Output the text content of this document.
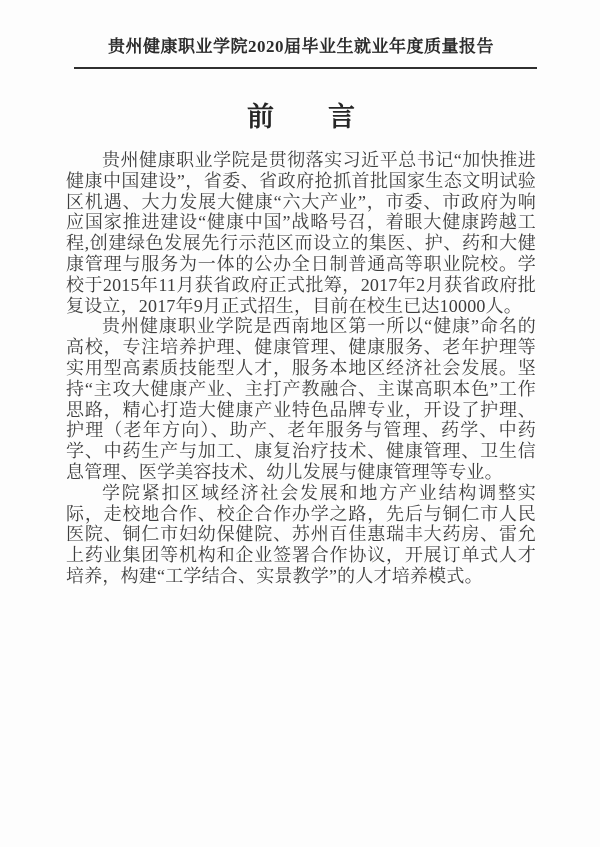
贵州健康职业学院2020届毕业生就业年度质量报告
前言

贵州健康职业学院是贯彻落实习近平总书记“加快推进健康中国建设”，省委、省政府抢抓首批国家生态文明试验区机遇、大力发展大健康“六大产业”，市委、市政府为响应国家推进建设“健康中国”战略号召，着眼大健康跨越工程,创建绿色发展先行示范区而设立的集医、护、药和大健康管理与服务为一体的公办全日制普通高等职业院校。学校于2015年11月获省政府正式批筹，2017年2月获省政府批复设立，2017年9月正式招生，目前在校生已达10000人。

贵州健康职业学院是西南地区第一所以“健康”命名的高校，专注培养护理、健康管理、健康服务、老年护理等实用型高素质技能型人才，服务本地区经济社会发展。坚持“主攻大健康产业、主打产教融合、主谋高职本色”工作思路，精心打造大健康产业特色品牌专业，开设了护理、护理（老年方向）、助产、老年服务与管理、药学、中药学、中药生产与加工、康复治疗技术、健康管理、卫生信息管理、医学美容技术、幼儿发展与健康管理等专业。

学院紧扣区域经济社会发展和地方产业结构调整实际，走校地合作、校企合作办学之路，先后与铜仁市人民医院、铜仁市妇幼保健院、苏州百佳惠瑞丰大药房、雷允上药业集团等机构和企业签署合作协议，开展订单式人才培养，构建“工学结合、实景教学”的人才培养模式。
